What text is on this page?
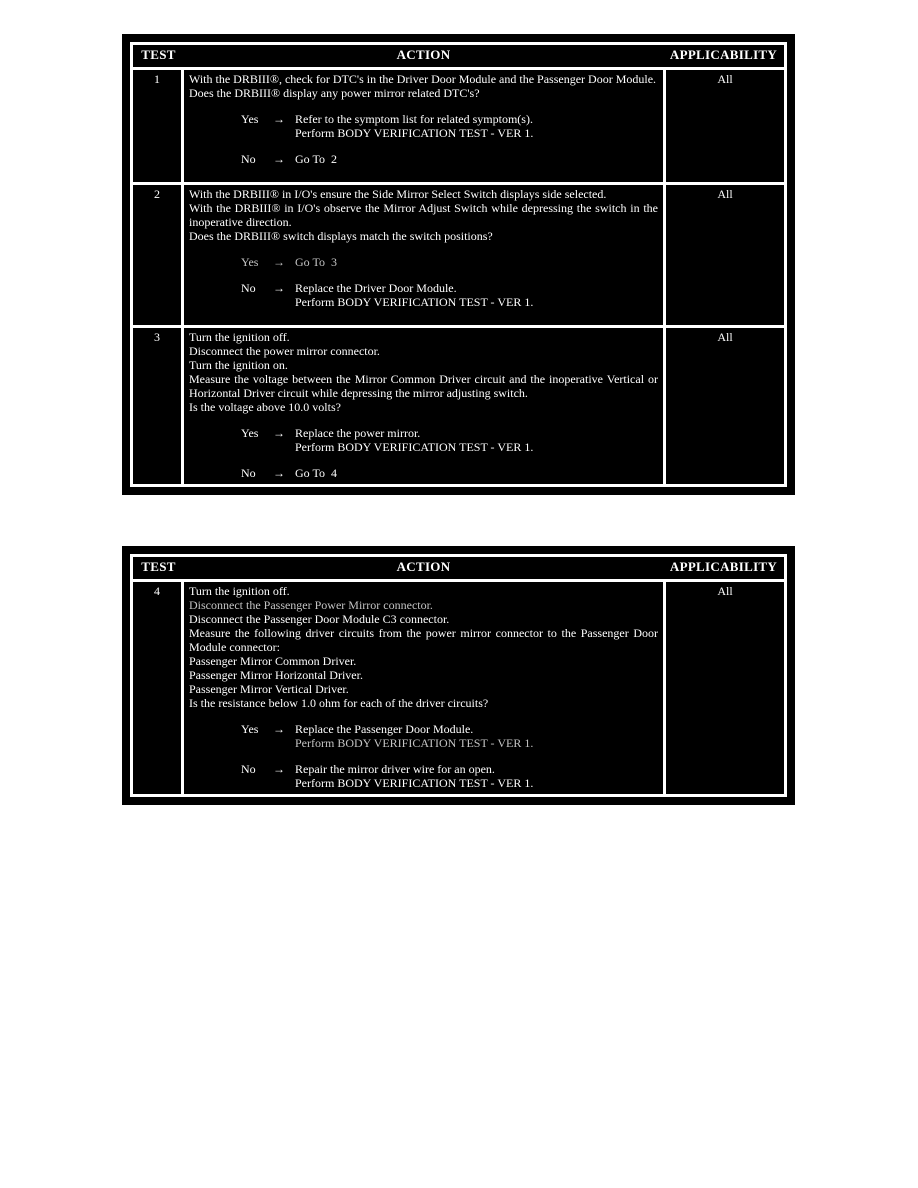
TEST ACTION APPLICABILITY		

1	With the DRBIII®, check for DTC's in the Driver Door Module and the Passenger Door Module.
Does the DRBIII® display any power mirror related DTC's?
Yes	→ Refer to the symptom list for related symptom(s).
Perform BODY VERIFICATION TEST - VER 1.
No	→ Go To  2
	All
2	With the DRBIII® in I/O's ensure the Side Mirror Select Switch displays side selected.
With the DRBIII® in I/O's observe the Mirror Adjust Switch while depressing the switch in the inoperative direction.
Does the DRBIII® switch displays match the switch positions?
Yes	→ Go To  3
No	→ Replace the Driver Door Module.
Perform BODY VERIFICATION TEST - VER 1.
	All
3	Turn the ignition off.
Disconnect the power mirror connector.
Turn the ignition on.
Measure the voltage between the Mirror Common Driver circuit and the inoperative Vertical or Horizontal Driver circuit while depressing the mirror adjusting switch.
Is the voltage above 10.0 volts?
Yes	→ Replace the power mirror.
Perform BODY VERIFICATION TEST - VER 1.
No	→ Go To  4
	All
TEST	ACTION	APPLICABILITY

4	Turn the ignition off.
Disconnect the Passenger Power Mirror connector.
Disconnect the Passenger Door Module C3 connector.
Measure the following driver circuits from the power mirror connector to the Passenger Door Module connector:
Passenger Mirror Common Driver.
Passenger Mirror Horizontal Driver.
Passenger Mirror Vertical Driver.
Is the resistance below 1.0 ohm for each of the driver circuits?
Yes	→ Replace the Passenger Door Module.
Perform BODY VERIFICATION TEST - VER 1.
No	→ Repair the mirror driver wire for an open.
Perform BODY VERIFICATION TEST - VER 1.
	All
